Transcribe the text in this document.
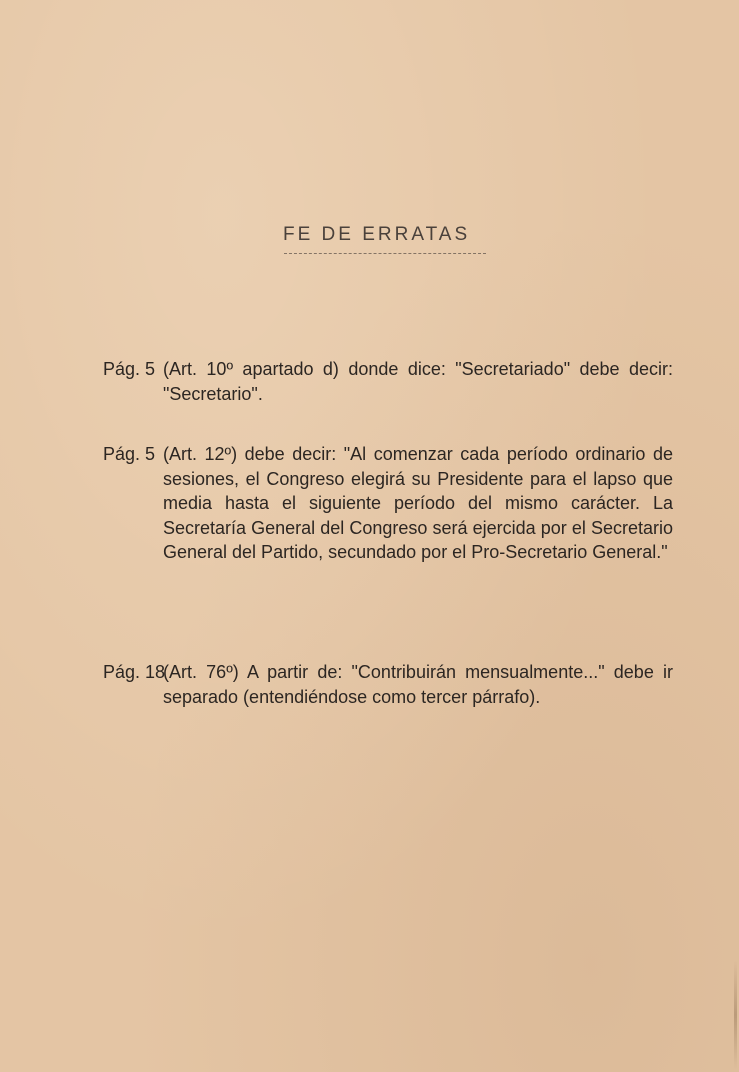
FE DE ERRATAS
Pág. 5 (Art. 10º apartado d) donde dice: "Secretariado" debe decir: "Secretario".
Pág. 5 (Art. 12º) debe decir: "Al comenzar cada período ordinario de sesiones, el Congreso elegirá su Presidente para el lapso que media hasta el siguiente período del mismo carácter. La Secretaría General del Congreso será ejercida por el Secretario General del Partido, secundado por el Pro-Secretario General."
Pág. 18
(Art. 76º) A partir de: "Contribuirán mensualmente..." debe ir separado (entendiéndose como tercer párrafo).
